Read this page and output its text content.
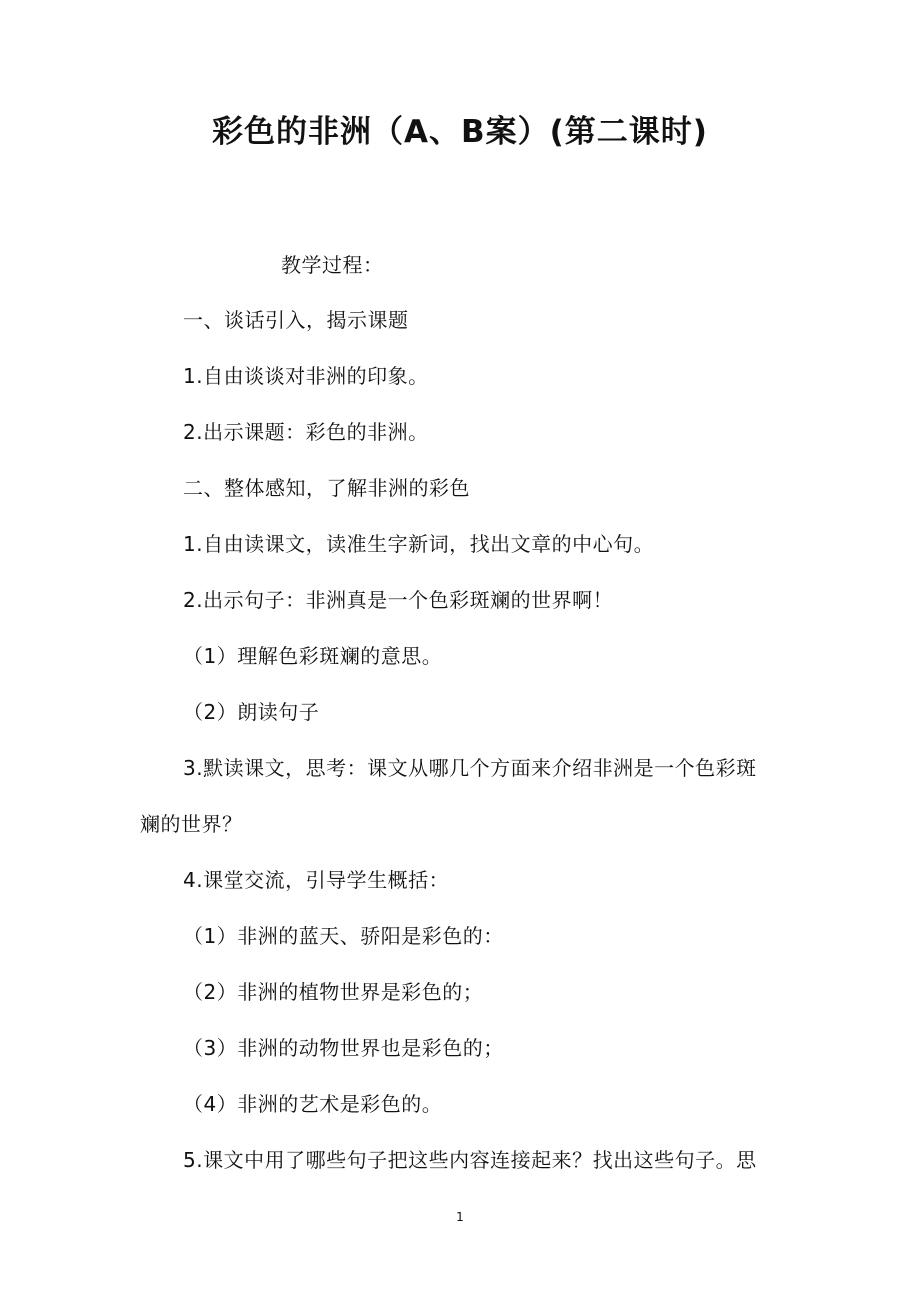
彩色的非洲（A、B案）(第二课时)
教学过程：
一、谈话引入，揭示课题
1.自由谈谈对非洲的印象。
2.出示课题：彩色的非洲。
二、整体感知，了解非洲的彩色
1.自由读课文，读准生字新词，找出文章的中心句。
2.出示句子：非洲真是一个色彩斑斓的世界啊！
（1）理解色彩斑斓的意思。
（2）朗读句子
3.默读课文，思考：课文从哪几个方面来介绍非洲是一个色彩斑
斓的世界？
4.课堂交流，引导学生概括：
（1）非洲的蓝天、骄阳是彩色的：
（2）非洲的植物世界是彩色的；
（3）非洲的动物世界也是彩色的；
（4）非洲的艺术是彩色的。
5.课文中用了哪些句子把这些内容连接起来？找出这些句子。思
1
